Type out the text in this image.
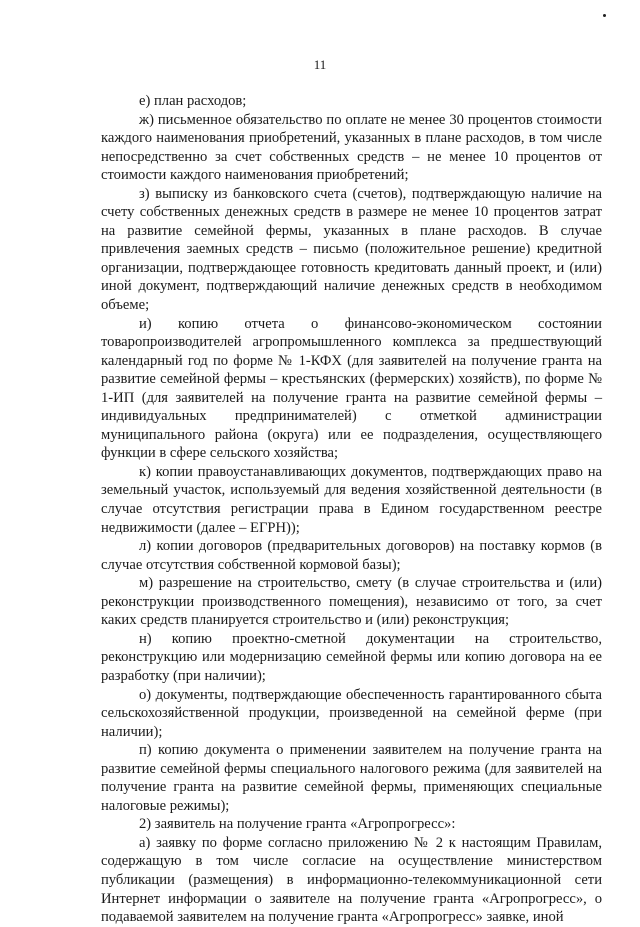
11

е) план расходов;

ж) письменное обязательство по оплате не менее 30 процентов стоимости каждого наименования приобретений, указанных в плане расходов, в том числе непосредственно за счет собственных средств – не менее 10 процентов от стоимости каждого наименования приобретений;

з) выписку из банковского счета (счетов), подтверждающую наличие на счету собственных денежных средств в размере не менее 10 процентов затрат на развитие семейной фермы, указанных в плане расходов. В случае привлечения заемных средств – письмо (положительное решение) кредитной организации, подтверждающее готовность кредитовать данный проект, и (или) иной документ, подтверждающий наличие денежных средств в необходимом объеме;

и) копию отчета о финансово-экономическом состоянии товаропроизводителей агропромышленного комплекса за предшествующий календарный год по форме № 1-КФХ (для заявителей на получение гранта на развитие семейной фермы – крестьянских (фермерских) хозяйств), по форме № 1-ИП (для заявителей на получение гранта на развитие семейной фермы – индивидуальных предпринимателей) с отметкой администрации муниципального района (округа) или ее подразделения, осуществляющего функции в сфере сельского хозяйства;

к) копии правоустанавливающих документов, подтверждающих право на земельный участок, используемый для ведения хозяйственной деятельности (в случае отсутствия регистрации права в Едином государственном реестре недвижимости (далее – ЕГРН));

л) копии договоров (предварительных договоров) на поставку кормов (в случае отсутствия собственной кормовой базы);

м) разрешение на строительство, смету (в случае строительства и (или) реконструкции производственного помещения), независимо от того, за счет каких средств планируется строительство и (или) реконструкция;

н) копию проектно-сметной документации на строительство, реконструкцию или модернизацию семейной фермы или копию договора на ее разработку (при наличии);

о) документы, подтверждающие обеспеченность гарантированного сбыта сельскохозяйственной продукции, произведенной на семейной ферме (при наличии);

п) копию документа о применении заявителем на получение гранта на развитие семейной фермы специального налогового режима (для заявителей на получение гранта на развитие семейной фермы, применяющих специальные налоговые режимы);

2) заявитель на получение гранта «Агропрогресс»:

а) заявку по форме согласно приложению № 2 к настоящим Правилам, содержащую в том числе согласие на осуществление министерством публикации (размещения) в информационно-телекоммуникационной сети Интернет информации о заявителе на получение гранта «Агропрогресс», о подаваемой заявителем на получение гранта «Агропрогресс» заявке, иной
